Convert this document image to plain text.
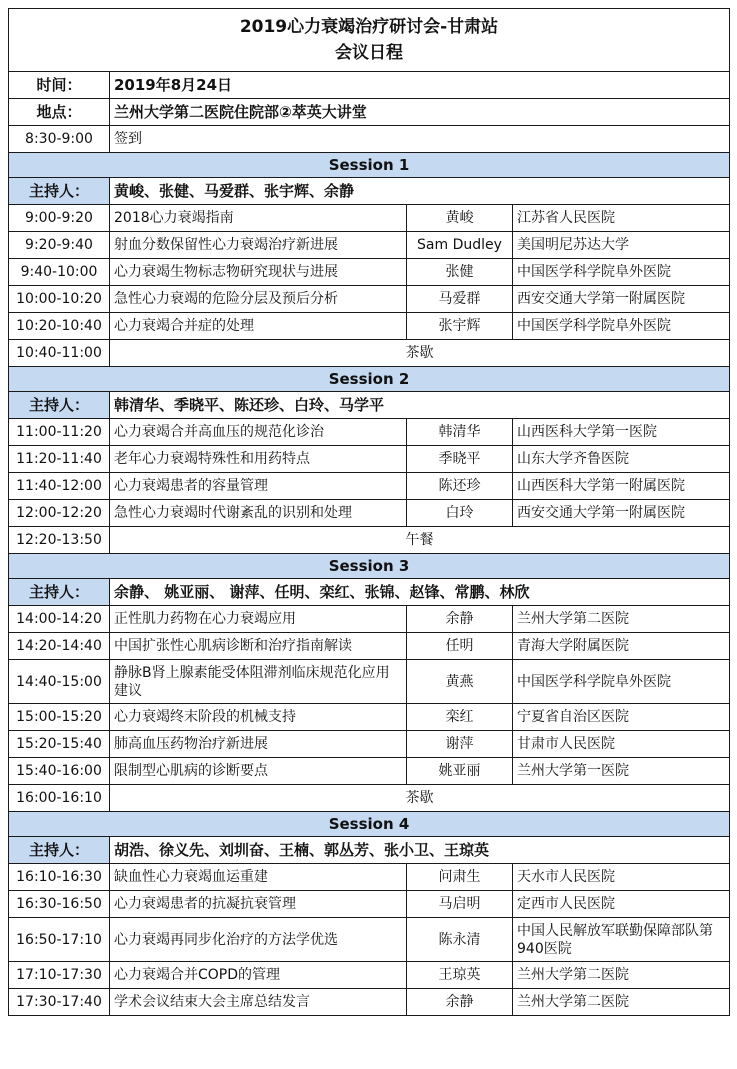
2019心力衰竭治疗研讨会-甘肃站
会议日程			

时间：	2019年8月24日		
地点：	兰州大学第二医院住院部②萃英大讲堂		
8:30-9:00	签到		
Session 1			
主持人：	黄峻、张健、马爱群、张宇辉、余静		
9:00-9:20	2018心力衰竭指南	黄峻	江苏省人民医院
9:20-9:40	射血分数保留性心力衰竭治疗新进展	Sam Dudley	美国明尼苏达大学
9:40-10:00	心力衰竭生物标志物研究现状与进展	张健	中国医学科学院阜外医院
10:00-10:20	急性心力衰竭的危险分层及预后分析	马爱群	西安交通大学第一附属医院
10:20-10:40	心力衰竭合并症的处理	张宇辉	中国医学科学院阜外医院
10:40-11:00	茶歇		
Session 2			
主持人：	韩清华、季晓平、陈还珍、白玲、马学平		
11:00-11:20	心力衰竭合并高血压的规范化诊治	韩清华	山西医科大学第一医院
11:20-11:40	老年心力衰竭特殊性和用药特点	季晓平	山东大学齐鲁医院
11:40-12:00	心力衰竭患者的容量管理	陈还珍	山西医科大学第一附属医院
12:00-12:20	急性心力衰竭时代谢紊乱的识别和处理	白玲	西安交通大学第一附属医院
12:20-13:50	午餐		
Session 3			
主持人：	余静、 姚亚丽、 谢萍、任明、栾红、张锦、赵锋、常鹏、林欣		
14:00-14:20	正性肌力药物在心力衰竭应用	余静	兰州大学第二医院
14:20-14:40	中国扩张性心肌病诊断和治疗指南解读	任明	青海大学附属医院
14:40-15:00	静脉B肾上腺素能受体阻滞剂临床规范化应用建议	黄燕	中国医学科学院阜外医院
15:00-15:20	心力衰竭终末阶段的机械支持	栾红	宁夏省自治区医院
15:20-15:40	肺高血压药物治疗新进展	谢萍	甘肃市人民医院
15:40-16:00	限制型心肌病的诊断要点	姚亚丽	兰州大学第一医院
16:00-16:10	茶歇		
Session 4			
主持人：	胡浩、徐义先、刘圳奋、王楠、郭丛芳、张小卫、王琼英		
16:10-16:30	缺血性心力衰竭血运重建	问肃生	天水市人民医院
16:30-16:50	心力衰竭患者的抗凝抗衰管理	马启明	定西市人民医院
16:50-17:10	心力衰竭再同步化治疗的方法学优选	陈永清	中国人民解放军联勤保障部队第940医院
17:10-17:30	心力衰竭合并COPD的管理	王琼英	兰州大学第二医院
17:30-17:40	学术会议结束大会主席总结发言	余静	兰州大学第二医院
